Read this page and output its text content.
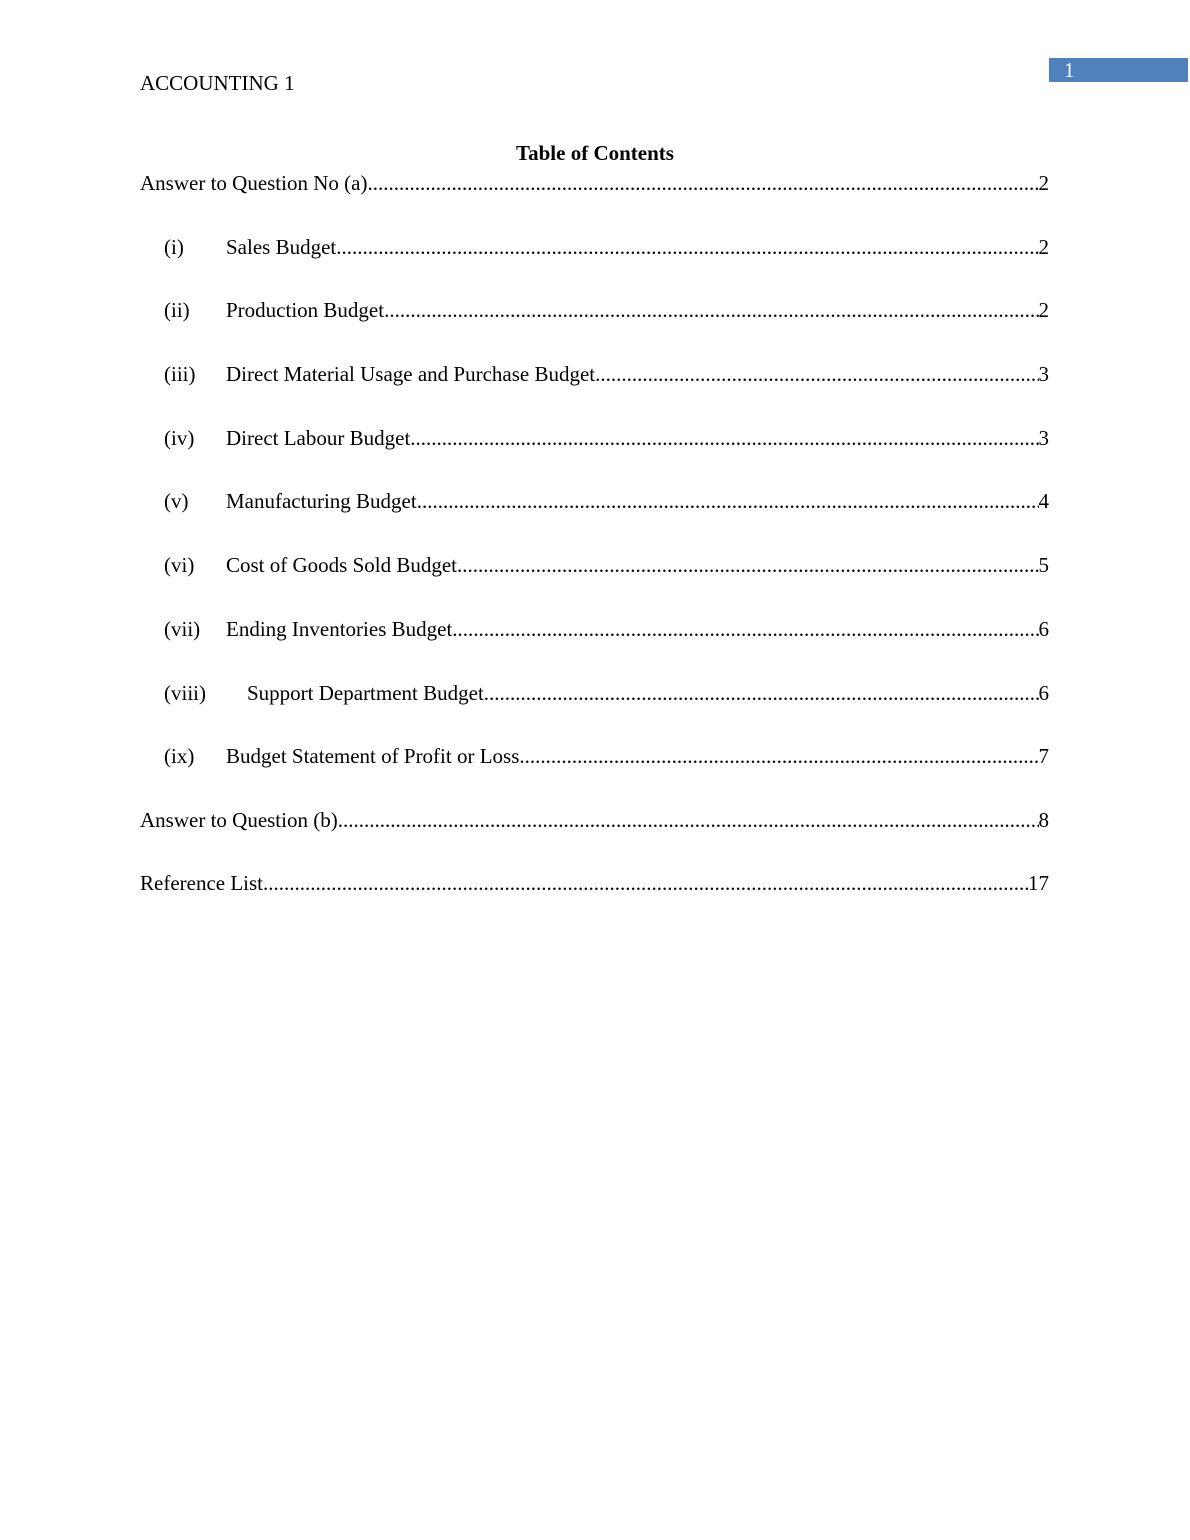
1
ACCOUNTING 1
Table of Contents
Answer to Question No (a) .....	2
(i)	Sales Budget .....	2
(ii)	Production Budget .....	2
(iii)	Direct Material Usage and Purchase Budget .....	3
(iv)	Direct Labour Budget .....	3
(v)	Manufacturing Budget .....	4
(vi)	Cost of Goods Sold Budget .....	5
(vii)	Ending Inventories Budget .....	6
(viii)	Support Department Budget .....	6
(ix)	Budget Statement of Profit or Loss .....	7
Answer to Question (b) .....	8
Reference List .....	17
